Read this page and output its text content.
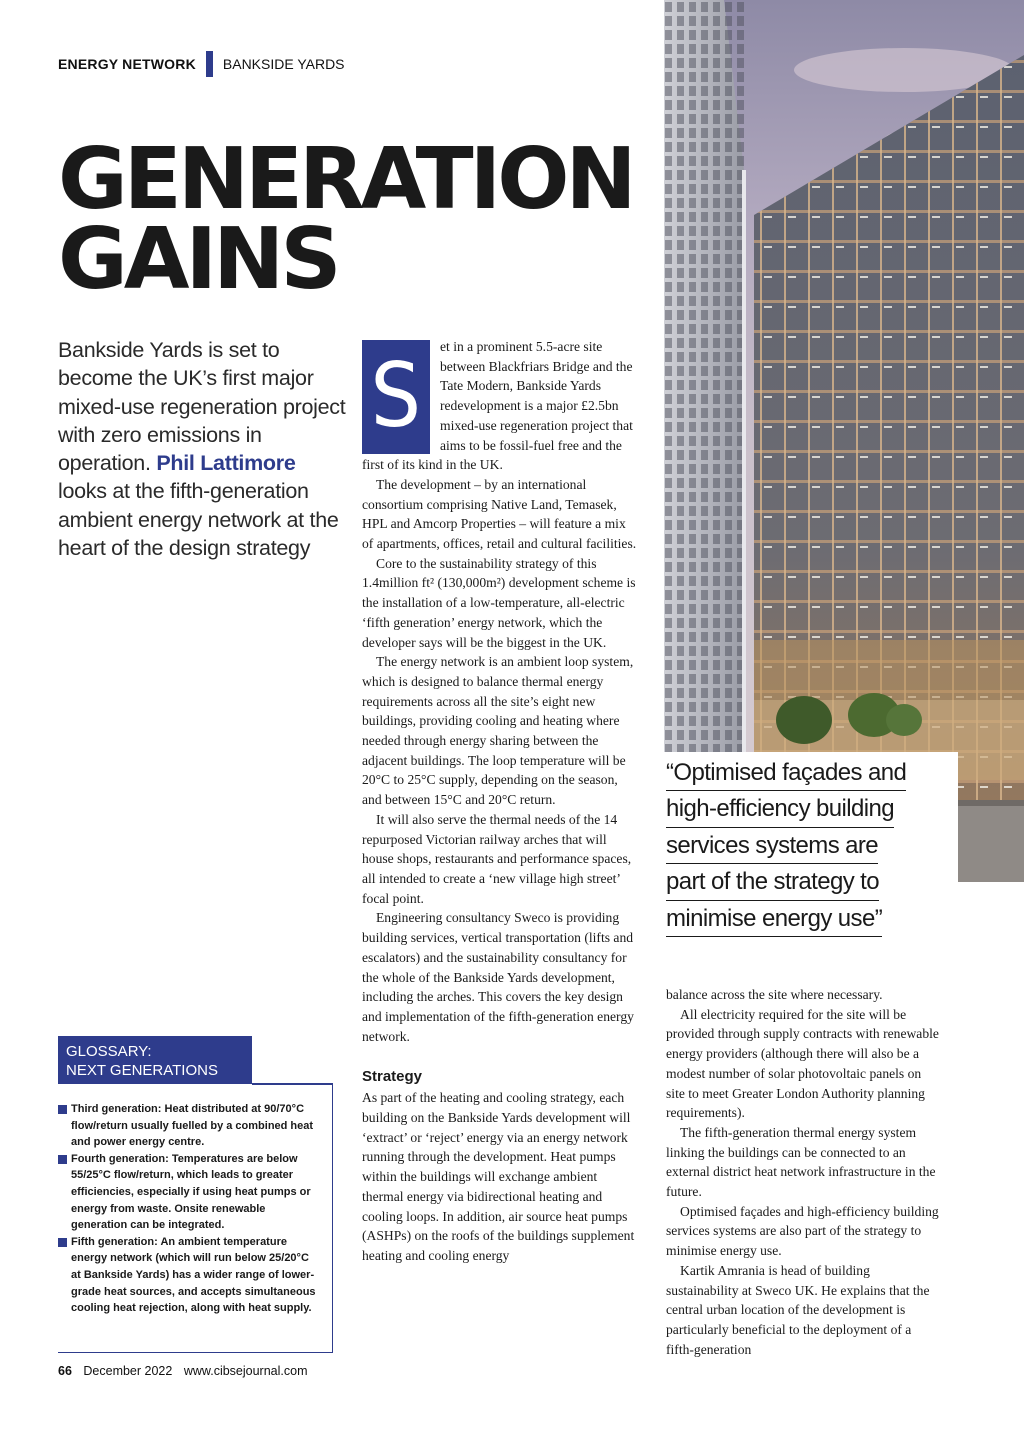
ENERGY NETWORK BANKSIDE YARDS
GENERATION
GAINS
Bankside Yards is set to become the UK’s first major mixed-use regeneration project with zero emissions in operation. Phil Lattimore looks at the fifth-generation ambient energy network at the heart of the design strategy
S	et in a prominent 5.5-acre site between Blackfriars Bridge and the Tate Modern, Bankside Yards redevelopment is a major £2.5bn mixed-use regeneration project that aims to be fossil-fuel free and the first of its kind in the UK.

The development – by an international consortium comprising Native Land, Temasek, HPL and Amcorp Properties – will feature a mix of apartments, offices, retail and cultural facilities.

Core to the sustainability strategy of this 1.4million ft² (130,000m²) development scheme is the installation of a low-temperature, all-electric ‘fifth generation’ energy network, which the developer says will be the biggest in the UK.

The energy network is an ambient loop system, which is designed to balance thermal energy requirements across all the site’s eight new buildings, providing cooling and heating where needed through energy sharing between the adjacent buildings. The loop temperature will be 20°C to 25°C supply, depending on the season, and between 15°C and 20°C return.

It will also serve the thermal needs of the 14 repurposed Victorian railway arches that will house shops, restaurants and performance spaces, all intended to create a ‘new village high street’ focal point.

Engineering consultancy Sweco is providing building services, vertical transportation (lifts and escalators) and the sustainability consultancy for the whole of the Bankside Yards development, including the arches. This covers the key design and implementation of the fifth-generation energy network.

Strategy

As part of the heating and cooling strategy, each building on the Bankside Yards development will ‘extract’ or ‘reject’ energy via an energy network running through the development. Heat pumps within the buildings will exchange ambient thermal energy via bidirectional heating and cooling loops. In addition, air source heat pumps (ASHPs) on the roofs of the buildings supplement heating and cooling energy

“Optimised façades and high-efficiency building services systems are part of the strategy to minimise energy use”

balance across the site where necessary.

All electricity required for the site will be provided through supply contracts with renewable energy providers (although there will also be a modest number of solar photovoltaic panels on site to meet Greater London Authority planning requirements).

The fifth-generation thermal energy system linking the buildings can be connected to an external district heat network infrastructure in the future.

Optimised façades and high-efficiency building services systems are also part of the strategy to minimise energy use.

Kartik Amrania is head of building sustainability at Sweco UK. He explains that the central urban location of the development is particularly beneficial to the deployment of a fifth-generation

GLOSSARY:
NEXT GENERATIONS
Third generation: Heat distributed at 90/70°C flow/return usually fuelled by a combined heat and power energy centre.
Fourth generation: Temperatures are below 55/25°C flow/return, which leads to greater efficiencies, especially if using heat pumps or energy from waste. Onsite renewable generation can be integrated.
Fifth generation: An ambient temperature energy network (which will run below 25/20°C at Bankside Yards) has a wider range of lower-grade heat sources, and accepts simultaneous cooling heat rejection, along with heat supply.
66 December 2022 www.cibsejournal.com
